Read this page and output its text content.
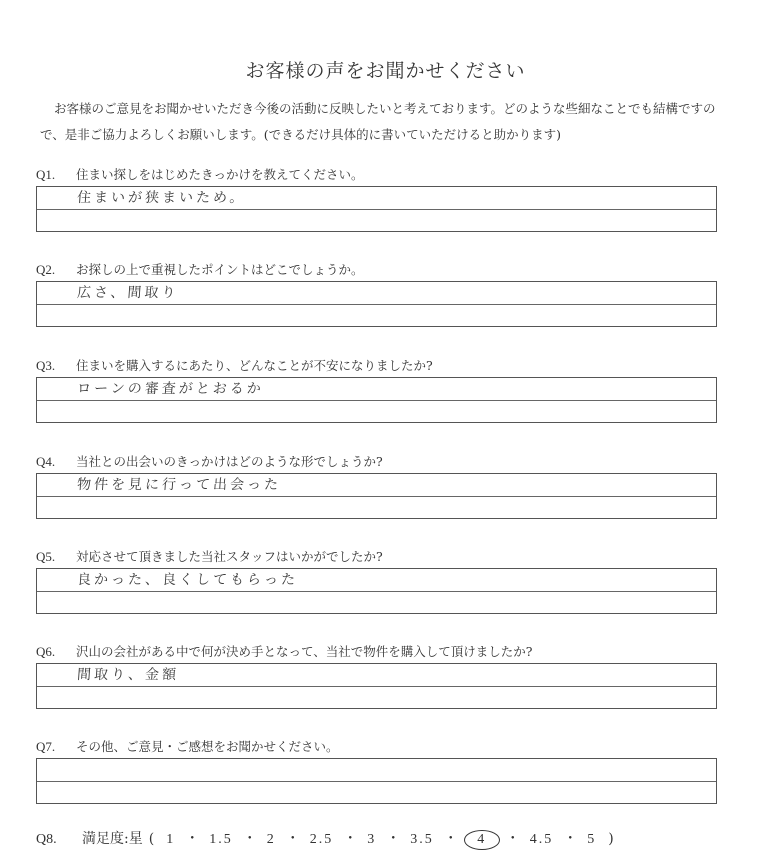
お客様の声をお聞かせください
お客様のご意見をお聞かせいただき今後の活動に反映したいと考えております。どのような些細なことでも結構ですので、是非ご協力よろしくお願いします。(できるだけ具体的に書いていただけると助かります)
Q1. 住まい探しをはじめたきっかけを教えてください。
住まいが狭まいため。
Q2. お探しの上で重視したポイントはどこでしょうか。
広さ、間取り
Q3. 住まいを購入するにあたり、どんなことが不安になりましたか?
ローンの審査がとおるか
Q4. 当社との出会いのきっかけはどのような形でしょうか?
物件を見に行って出会った
Q5. 対応させて頂きました当社スタッフはいかがでしたか?
良かった、良くしてもらった
Q6. 沢山の会社がある中で何が決め手となって、当社で物件を購入して頂けましたか?
間取り、金額
Q7. その他、ご意見・ご感想をお聞かせください。
Q8. 満足度:星 ( 1 ・ 1.5 ・ 2 ・ 2.5 ・ 3 ・ 3.5 ・ 4 ・ 4.5 ・ 5 )
